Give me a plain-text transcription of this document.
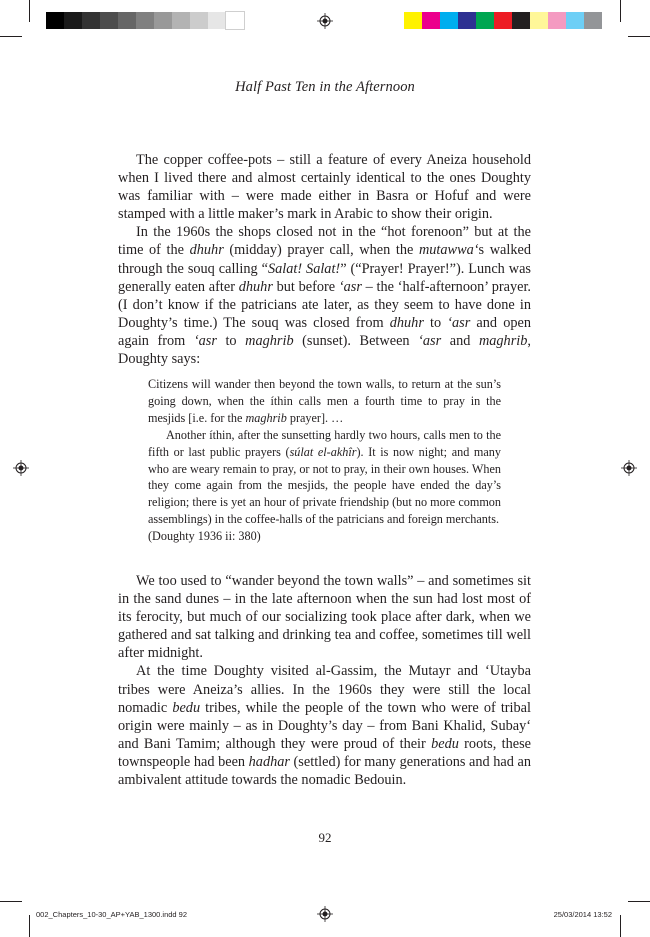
Half Past Ten in the Afternoon

The copper coffee-pots – still a feature of every Aneiza household when I lived there and almost certainly identical to the ones Doughty was familiar with – were made either in Basra or Hofuf and were stamped with a little maker’s mark in Arabic to show their origin.

In the 1960s the shops closed not in the “hot forenoon” but at the time of the dhuhr (midday) prayer call, when the mutawwa‘s walked through the souq calling “Salat! Salat!” (“Prayer! Prayer!”). Lunch was generally eaten after dhuhr but before ‘asr – the ‘half-afternoon’ prayer. (I don’t know if the patricians ate later, as they seem to have done in Doughty’s time.) The souq was closed from dhuhr to ‘asr and open again from ‘asr to maghrib (sunset). Between ‘asr and maghrib, Doughty says:

Citizens will wander then beyond the town walls, to return at the sun’s going down, when the íthin calls men a fourth time to pray in the mesjids [i.e. for the maghrib prayer]. …

Another íthin, after the sunsetting hardly two hours, calls men to the fifth or last public prayers (súlat el-akhîr). It is now night; and many who are weary remain to pray, or not to pray, in their own houses. When they come again from the mesjids, the people have ended the day’s religion; there is yet an hour of private friendship (but no more common assemblings) in the coffee-halls of the patricians and foreign merchants.

(Doughty 1936 ii: 380)

We too used to “wander beyond the town walls” – and sometimes sit in the sand dunes – in the late afternoon when the sun had lost most of its ferocity, but much of our socializing took place after dark, when we gathered and sat talking and drinking tea and coffee, sometimes till well after midnight.

At the time Doughty visited al-Gassim, the Mutayr and ‘Utayba tribes were Aneiza’s allies. In the 1960s they were still the local nomadic bedu tribes, while the people of the town who were of tribal origin were mainly – as in Doughty’s day – from Bani Khalid, Subay‘ and Bani Tamim; although they were proud of their bedu roots, these townspeople had been hadhar (settled) for many generations and had an ambivalent attitude towards the nomadic Bedouin.

92
002_Chapters_10-30_AP+YAB_1300.indd 92	25/03/2014 13:52
